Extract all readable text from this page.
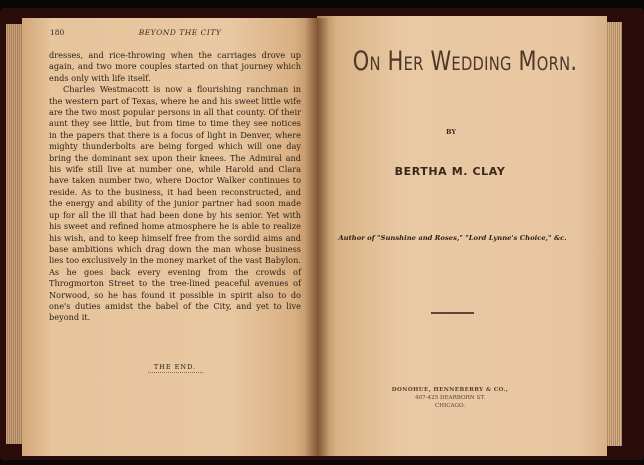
180	BEYOND THE CITY

dresses, and rice-throwing when the carriages drove up again, and two more couples started on that journey which ends only with life itself.

Charles Westmacott is now a flourishing ranchman in the western part of Texas, where he and his sweet little wife are the two most popular persons in all that county. Of their aunt they see little, but from time to time they see notices in the papers that there is a focus of light in Denver, where mighty thunderbolts are being forged which will one day bring the dominant sex upon their knees. The Admiral and his wife still live at number one, while Harold and Clara have taken number two, where Doctor Walker continues to reside. As to the business, it had been reconstructed, and the energy and ability of the junior partner had soon made up for all the ill that had been done by his senior. Yet with his sweet and refined home atmosphere he is able to realize his wish, and to keep himself free from the sordid aims and base ambitions which drag down the man whose business lies too exclusively in the money market of the vast Babylon. As he goes back every evening from the crowds of Throgmorton Street to the tree-lined peaceful avenues of Norwood, so he has found it possible in spirit also to do one's duties amidst the babel of the City, and yet to live beyond it.

THE END.
On Her Wedding Morn.
BY
BERTHA M. CLAY
Author of "Sunshine and Roses," "Lord Lynne's Choice," &c.
DONOHUE, HENNEBERRY & CO.,
407-425 DEARBORN ST.
CHICAGO.
